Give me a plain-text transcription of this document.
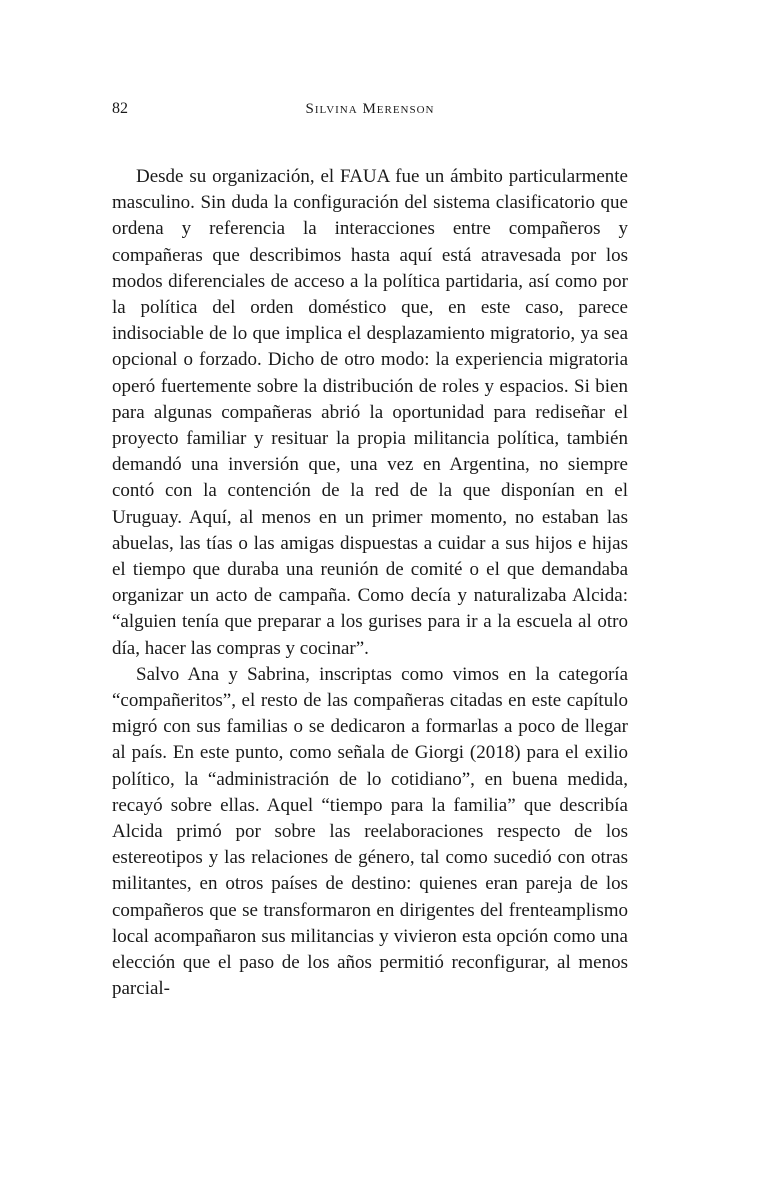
82	Silvina Merenson

Desde su organización, el FAUA fue un ámbito particularmente masculino. Sin duda la configuración del sistema clasificatorio que ordena y referencia la interacciones entre compañeros y compañeras que describimos hasta aquí está atravesada por los modos diferenciales de acceso a la política partidaria, así como por la política del orden doméstico que, en este caso, parece indisociable de lo que implica el desplazamiento migratorio, ya sea opcional o forzado. Dicho de otro modo: la experiencia migratoria operó fuertemente sobre la distribución de roles y espacios. Si bien para algunas compañeras abrió la oportunidad para rediseñar el proyecto familiar y resituar la propia militancia política, también demandó una inversión que, una vez en Argentina, no siempre contó con la contención de la red de la que disponían en el Uruguay. Aquí, al menos en un primer momento, no estaban las abuelas, las tías o las amigas dispuestas a cuidar a sus hijos e hijas el tiempo que duraba una reunión de comité o el que demandaba organizar un acto de campaña. Como decía y naturalizaba Alcida: “alguien tenía que preparar a los gurises para ir a la escuela al otro día, hacer las compras y cocinar”.

Salvo Ana y Sabrina, inscriptas como vimos en la categoría “compañeritos”, el resto de las compañeras citadas en este capítulo migró con sus familias o se dedicaron a formarlas a poco de llegar al país. En este punto, como señala de Giorgi (2018) para el exilio político, la “administración de lo cotidiano”, en buena medida, recayó sobre ellas. Aquel “tiempo para la familia” que describía Alcida primó por sobre las reelaboraciones respecto de los estereotipos y las relaciones de género, tal como sucedió con otras militantes, en otros países de destino: quienes eran pareja de los compañeros que se transformaron en dirigentes del frenteamplismo local acompañaron sus militancias y vivieron esta opción como una elección que el paso de los años permitió reconfigurar, al menos parcial-
